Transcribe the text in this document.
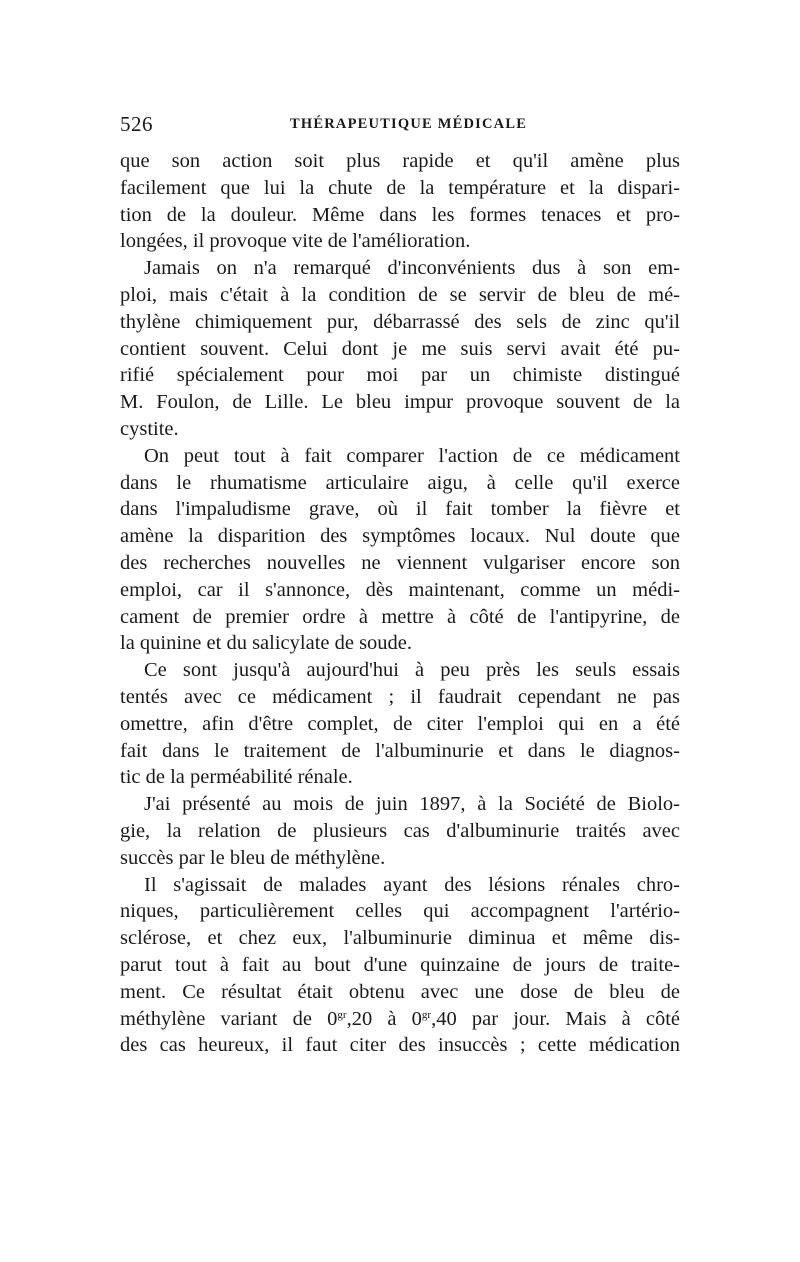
526	THÉRAPEUTIQUE MÉDICALE
que son action soit plus rapide et qu'il amène plus
facilement que lui la chute de la température et la dispari-
tion de la douleur. Même dans les formes tenaces et pro-
longées, il provoque vite de l'amélioration.
Jamais on n'a remarqué d'inconvénients dus à son em-
ploi, mais c'était à la condition de se servir de bleu de mé-
thylène chimiquement pur, débarrassé des sels de zinc qu'il
contient souvent. Celui dont je me suis servi avait été pu-
rifié spécialement pour moi par un chimiste distingué
M. Foulon, de Lille. Le bleu impur provoque souvent de la
cystite.
On peut tout à fait comparer l'action de ce médicament
dans le rhumatisme articulaire aigu, à celle qu'il exerce
dans l'impaludisme grave, où il fait tomber la fièvre et
amène la disparition des symptômes locaux. Nul doute que
des recherches nouvelles ne viennent vulgariser encore son
emploi, car il s'annonce, dès maintenant, comme un médi-
cament de premier ordre à mettre à côté de l'antipyrine, de
la quinine et du salicylate de soude.
Ce sont jusqu'à aujourd'hui à peu près les seuls essais
tentés avec ce médicament ; il faudrait cependant ne pas
omettre, afin d'être complet, de citer l'emploi qui en a été
fait dans le traitement de l'albuminurie et dans le diagnos-
tic de la perméabilité rénale.
J'ai présenté au mois de juin 1897, à la Société de Biolo-
gie, la relation de plusieurs cas d'albuminurie traités avec
succès par le bleu de méthylène.
Il s'agissait de malades ayant des lésions rénales chro-
niques, particulièrement celles qui accompagnent l'artério-
sclérose, et chez eux, l'albuminurie diminua et même dis-
parut tout à fait au bout d'une quinzaine de jours de traite-
ment. Ce résultat était obtenu avec une dose de bleu de
méthylène variant de $0^{gr},20$ à $0^{gr},40$ par jour. Mais à côté
des cas heureux, il faut citer des insuccès ; cette médication
